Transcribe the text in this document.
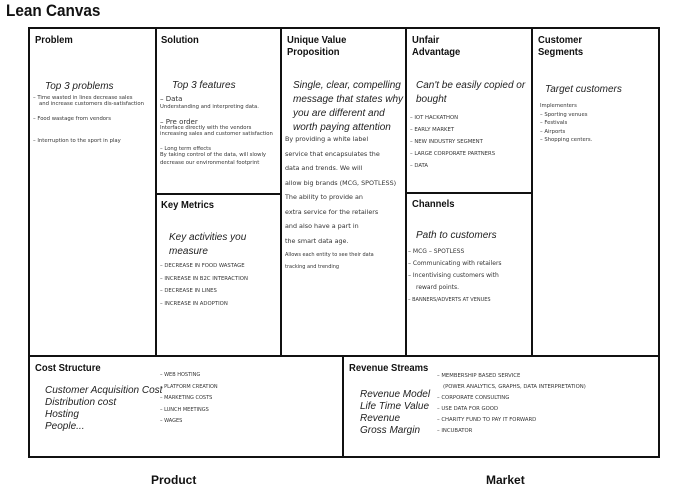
Lean Canvas
Problem
Top 3 problems
– Time wasted in lines decrease sales
and increase customers dis-satisfaction
– Food wastage from vendors
– Interruption to the sport in play
Solution
Top 3 features
– Data
Understanding and interpreting data.
– Pre order
Interface directly with the vendors
increasing sales and customer satisfaction
– Long term effects
By taking control of the data, will slowly
decrease our environmental footprint
Key Metrics
Key activities you measure
– DECREASE IN FOOD WASTAGE
– INCREASE IN B2C INTERACTION
– DECREASE IN LINES
– INCREASE IN ADOPTION
Unique Value Proposition
Single, clear, compelling message that states why you are different and worth paying attention
By providing a white label
service that encapsulates the
data and trends. We will
allow big brands (MCG, SPOTLESS)
The ability to provide an
extra service for the retailers
and also have a part in
the smart data age.
Allows each entity to see their data
tracking and trending
Unfair Advantage
Can't be easily copied or bought
– IOT HACKATHON
– EARLY MARKET
– NEW INDUSTRY SEGMENT
– LARGE CORPORATE PARTNERS
– DATA
Channels
Path to customers
– MCG – SPOTLESS
– Communicating with retailers
– Incentivising customers with
reward points.
– BANNERS/ADVERTS AT VENUES
Customer Segments
Target customers
Implementers
– Sporting venues
– Festivals
– Airports
– Shopping centers.
Cost Structure
Customer Acquisition Cost
Distribution cost
Hosting
People...
– WEB HOSTING
– PLATFORM CREATION
– MARKETING COSTS
– LUNCH MEETINGS
– WAGES
Revenue Streams
Revenue Model
Life Time Value
Revenue
Gross Margin
– MEMBERSHIP BASED SERVICE
(POWER ANALYTICS, GRAPHS, DATA INTERPRETATION)
– CORPORATE CONSULTING
– USE DATA FOR GOOD
– CHARITY FUND TO PAY IT FORWARD
– INCUBATOR
Product	Market
